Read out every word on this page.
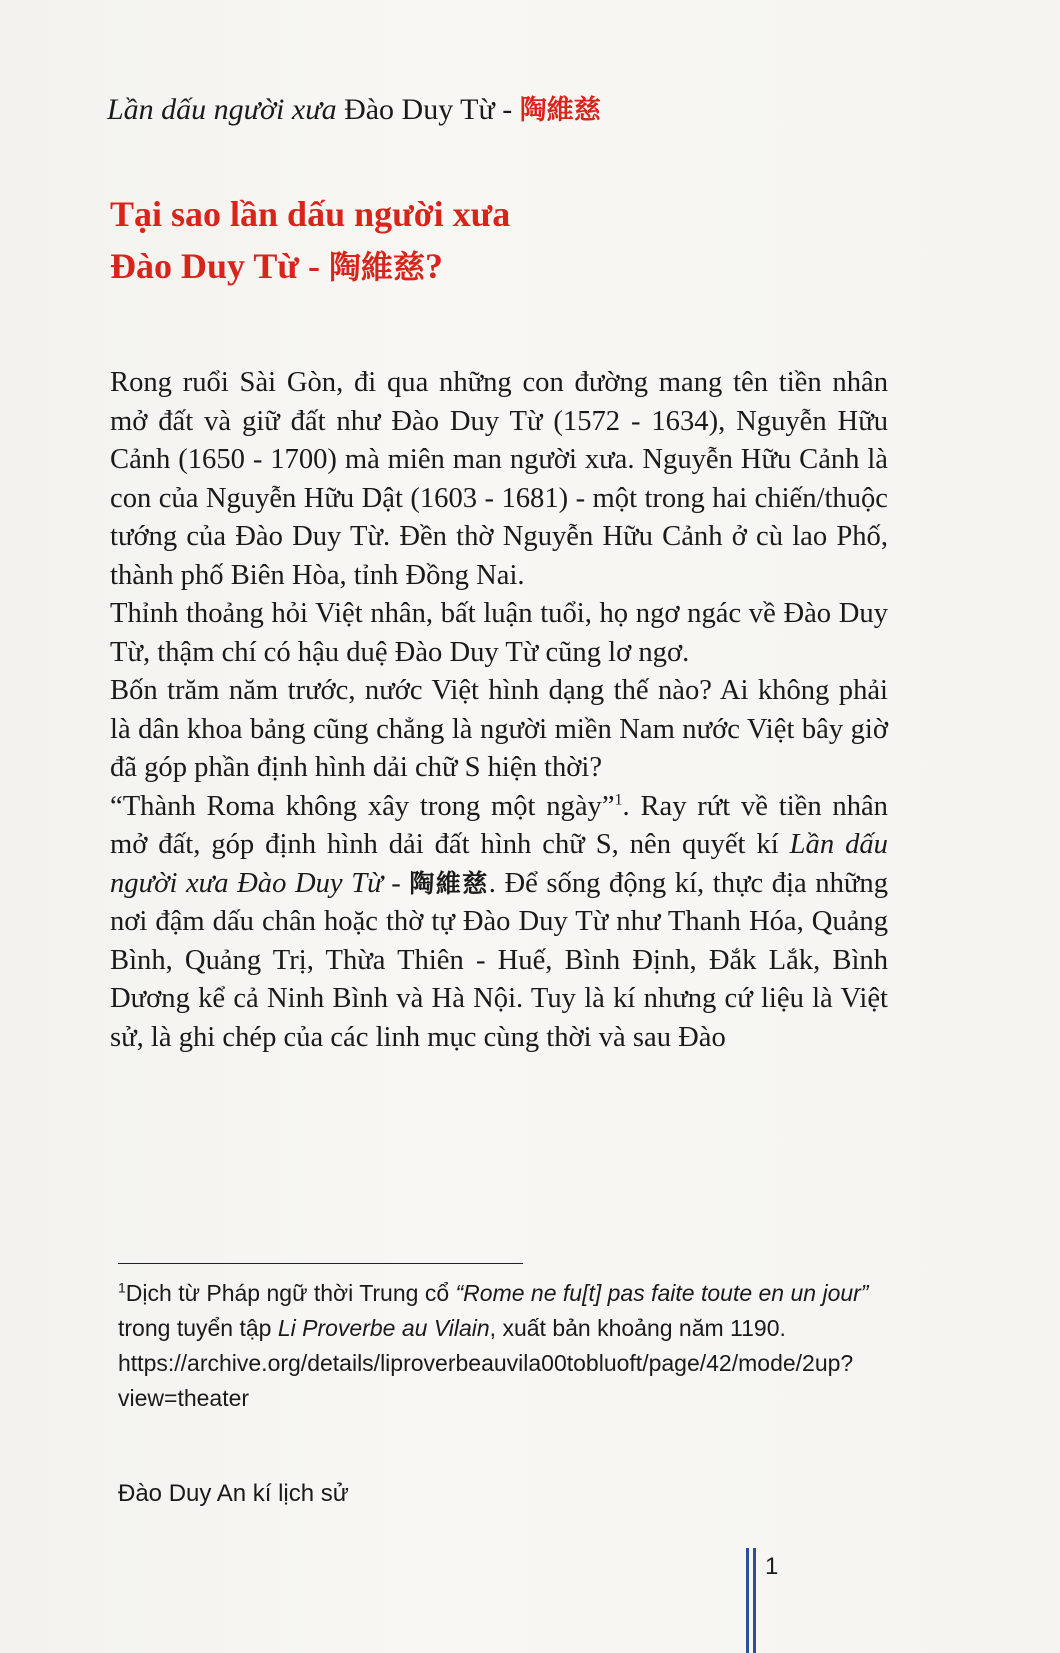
Lần dấu người xưa Đào Duy Từ - 陶維慈
Tại sao lần dấu người xưa
Đào Duy Từ - 陶維慈?

Rong ruổi Sài Gòn, đi qua những con đường mang tên tiền nhân mở đất và giữ đất như Đào Duy Từ (1572 - 1634), Nguyễn Hữu Cảnh (1650 - 1700) mà miên man người xưa. Nguyễn Hữu Cảnh là con của Nguyễn Hữu Dật (1603 - 1681) - một trong hai chiến/thuộc tướng của Đào Duy Từ. Đền thờ Nguyễn Hữu Cảnh ở cù lao Phố, thành phố Biên Hòa, tỉnh Đồng Nai.

Thỉnh thoảng hỏi Việt nhân, bất luận tuổi, họ ngơ ngác về Đào Duy Từ, thậm chí có hậu duệ Đào Duy Từ cũng lơ ngơ.

Bốn trăm năm trước, nước Việt hình dạng thế nào? Ai không phải là dân khoa bảng cũng chẳng là người miền Nam nước Việt bây giờ đã góp phần định hình dải chữ S hiện thời?

“Thành Roma không xây trong một ngày”$^1$. Ray rứt về tiền nhân mở đất, góp định hình dải đất hình chữ S, nên quyết kí Lần dấu người xưa Đào Duy Từ - 陶維慈. Để sống động kí, thực địa những nơi đậm dấu chân hoặc thờ tự Đào Duy Từ như Thanh Hóa, Quảng Bình, Quảng Trị, Thừa Thiên - Huế, Bình Định, Đắk Lắk, Bình Dương kể cả Ninh Bình và Hà Nội. Tuy là kí nhưng cứ liệu là Việt sử, là ghi chép của các linh mục cùng thời và sau Đào

$^1$Dịch từ Pháp ngữ thời Trung cổ “Rome ne fu[t] pas faite toute en un jour” trong tuyển tập Li Proverbe au Vilain, xuất bản khoảng năm 1190.

https://archive.org/details/liproverbeauvila00tobluoft/page/42/mode/2up?view=theater

Đào Duy An kí lịch sử
1
